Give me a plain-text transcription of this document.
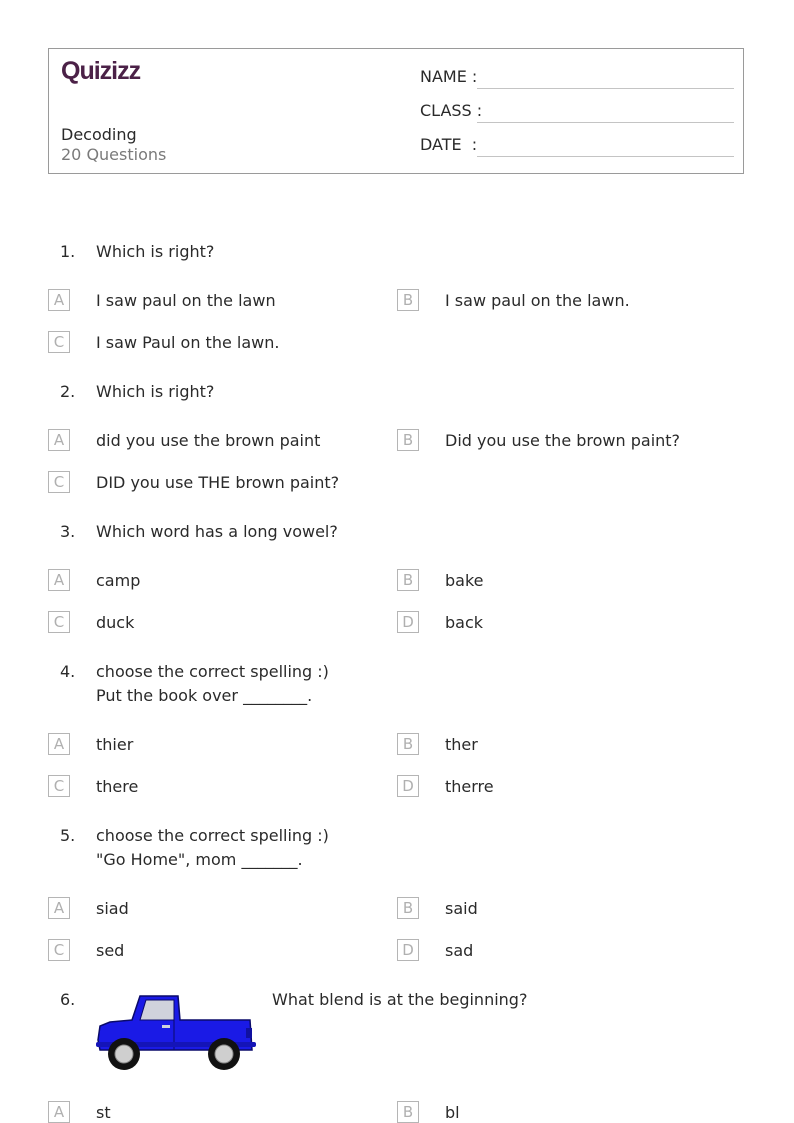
Quizizz
Decoding
20 Questions
NAME :
CLASS :
DATE  :
1. Which is right?
A	I saw paul on the lawn	B	I saw paul on the lawn.
C	I saw Paul on the lawn.
2. Which is right?
A	did you use the brown paint	B	Did you use the brown paint?
C	DID you use THE brown paint?
3. Which word has a long vowel?
A	camp	B	bake
C	duck	D	back
4. choose the correct spelling :)
Put the book over ________.
A	thier	B	ther
C	there	D	therre
5. choose the correct spelling :)
"Go Home", mom _______.
A	siad	B	said
C	sed	D	sad
6.	What blend is at the beginning?
A	st	B	bl
